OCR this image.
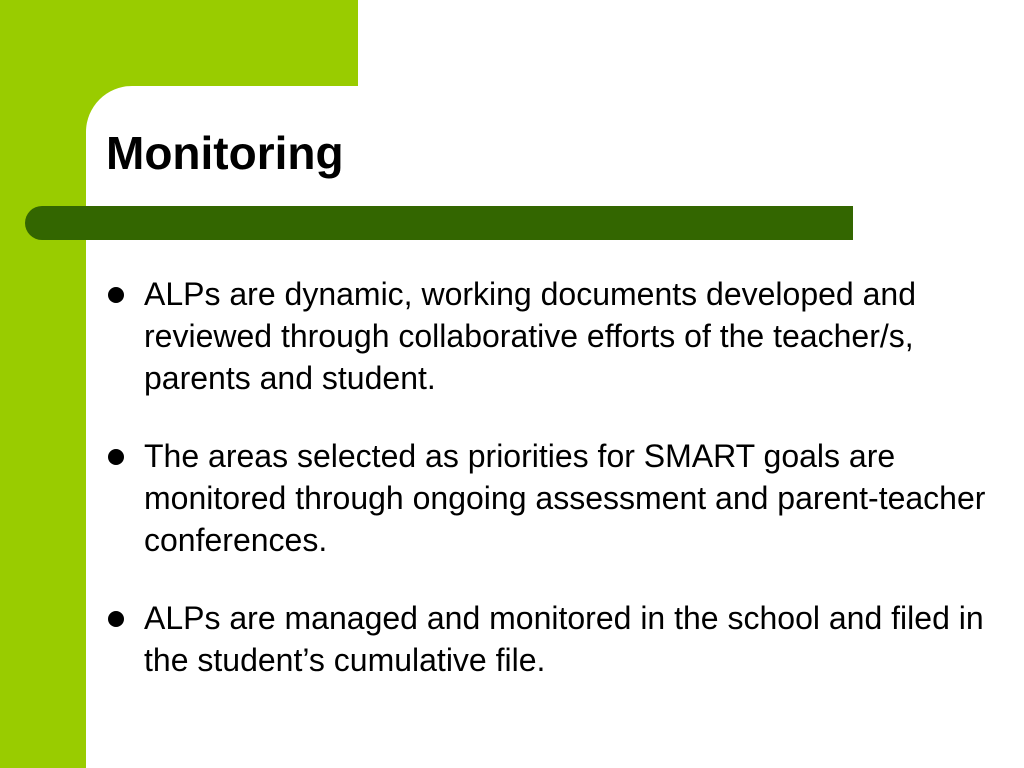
Monitoring
ALPs are dynamic, working documents developed and reviewed through collaborative efforts of the teacher/s, parents and student.
The areas selected as priorities for SMART goals are monitored through ongoing assessment and parent-teacher conferences.
ALPs are managed and monitored in the school and filed in the student’s cumulative file.
